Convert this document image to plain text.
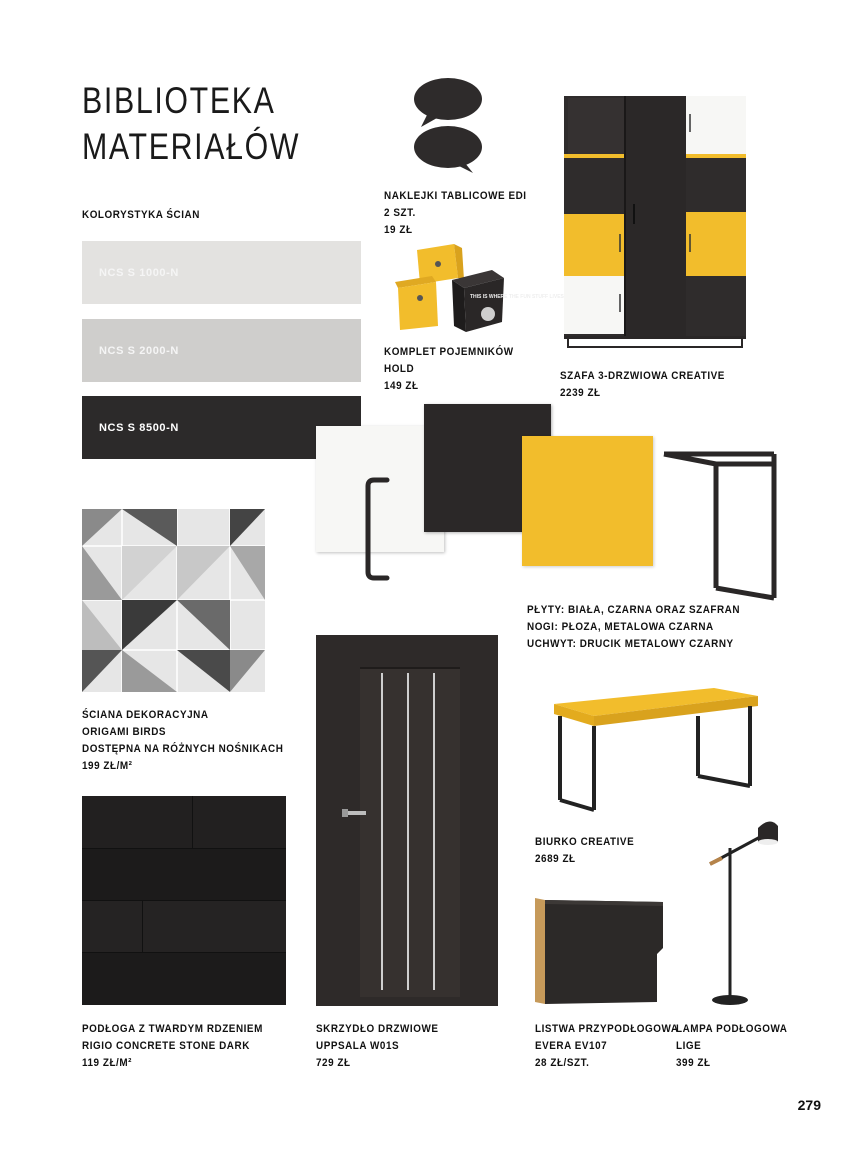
BIBLIOTEKA
MATERIAŁÓW
KOLORYSTYKA ŚCIAN
NCS S 1000-N
NCS S 2000-N
NCS S 8500-N
NAKLEJKI TABLICOWE EDI
2 SZT.
19 ZŁ
THIS IS WHERE THE FUN STUFF LIVES
KOMPLET POJEMNIKÓW
HOLD
149 ZŁ
SZAFA 3-DRZWIOWA CREATIVE
2239 ZŁ
PŁYTY: BIAŁA, CZARNA ORAZ SZAFRAN
NOGI: PŁOZA, METALOWA CZARNA
UCHWYT: DRUCIK METALOWY CZARNY
ŚCIANA DEKORACYJNA
ORIGAMI BIRDS
DOSTĘPNA NA RÓŻNYCH NOŚNIKACH
199 ZŁ/M²
BIURKO CREATIVE
2689 ZŁ
PODŁOGA Z TWARDYM RDZENIEM
RIGIO CONCRETE STONE DARK
119 ZŁ/M²
SKRZYDŁO DRZWIOWE
UPPSALA W01S
729 ZŁ
LISTWA PRZYPODŁOGOWA
EVERA EV107
28 ZŁ/SZT.
LAMPA PODŁOGOWA
LIGE
399 ZŁ
279
